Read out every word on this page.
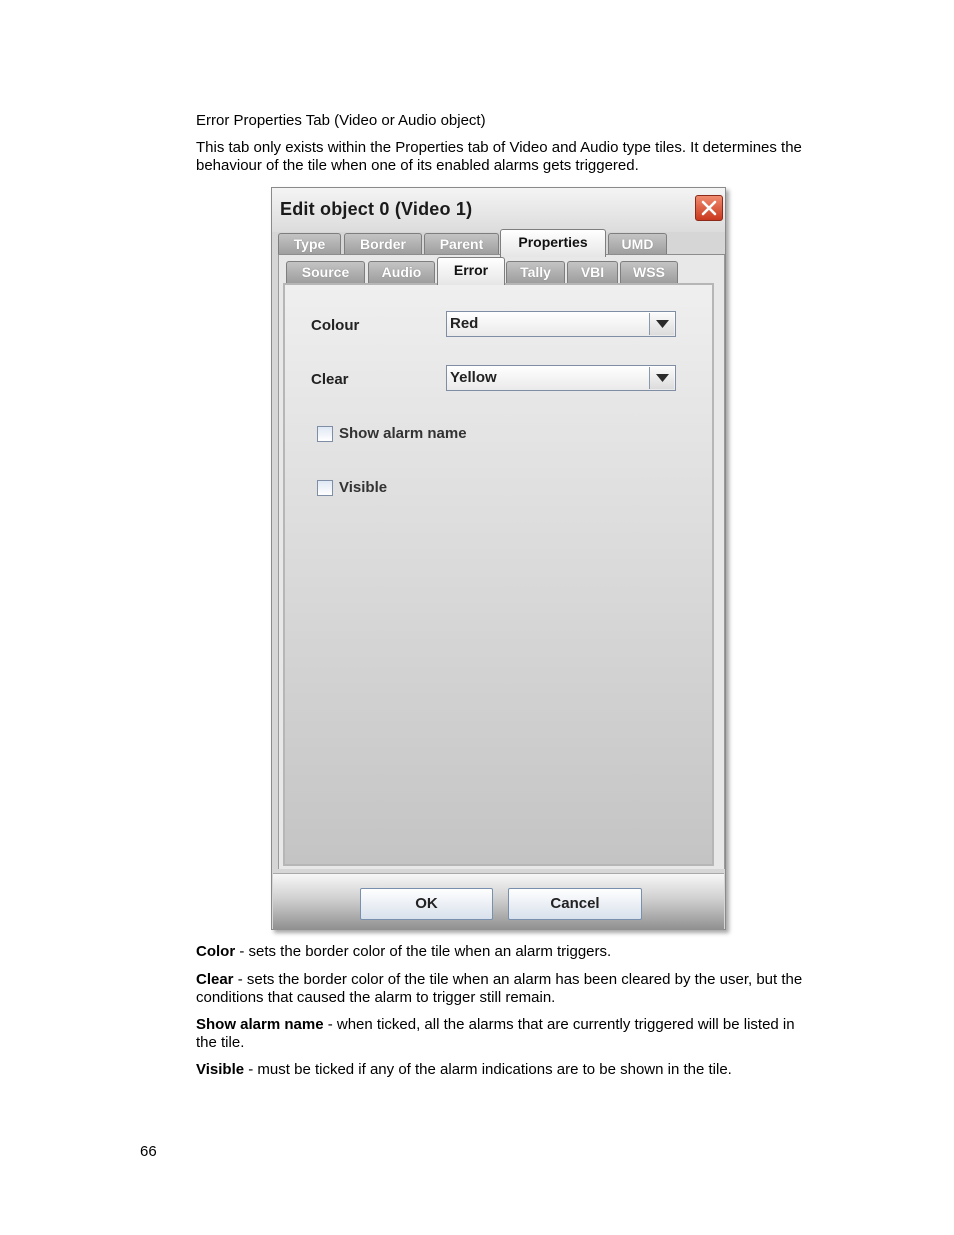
Error Properties Tab (Video or Audio object)

This tab only exists within the Properties tab of Video and Audio type tiles. It determines the behaviour of the tile when one of its enabled alarms gets triggered.

Edit object 0 (Video 1)
Type	Border	Parent	Properties	UMD
Source	Audio	Error	Tally	VBI	WSS
Colour	Red
Clear	Yellow
Show alarm name
Visible
OK	Cancel

Color - sets the border color of the tile when an alarm triggers.

Clear - sets the border color of the tile when an alarm has been cleared by the user, but the conditions that caused the alarm to trigger still remain.

Show alarm name - when ticked, all the alarms that are currently triggered will be listed in the tile.

Visible - must be ticked if any of the alarm indications are to be shown in the tile.

66
